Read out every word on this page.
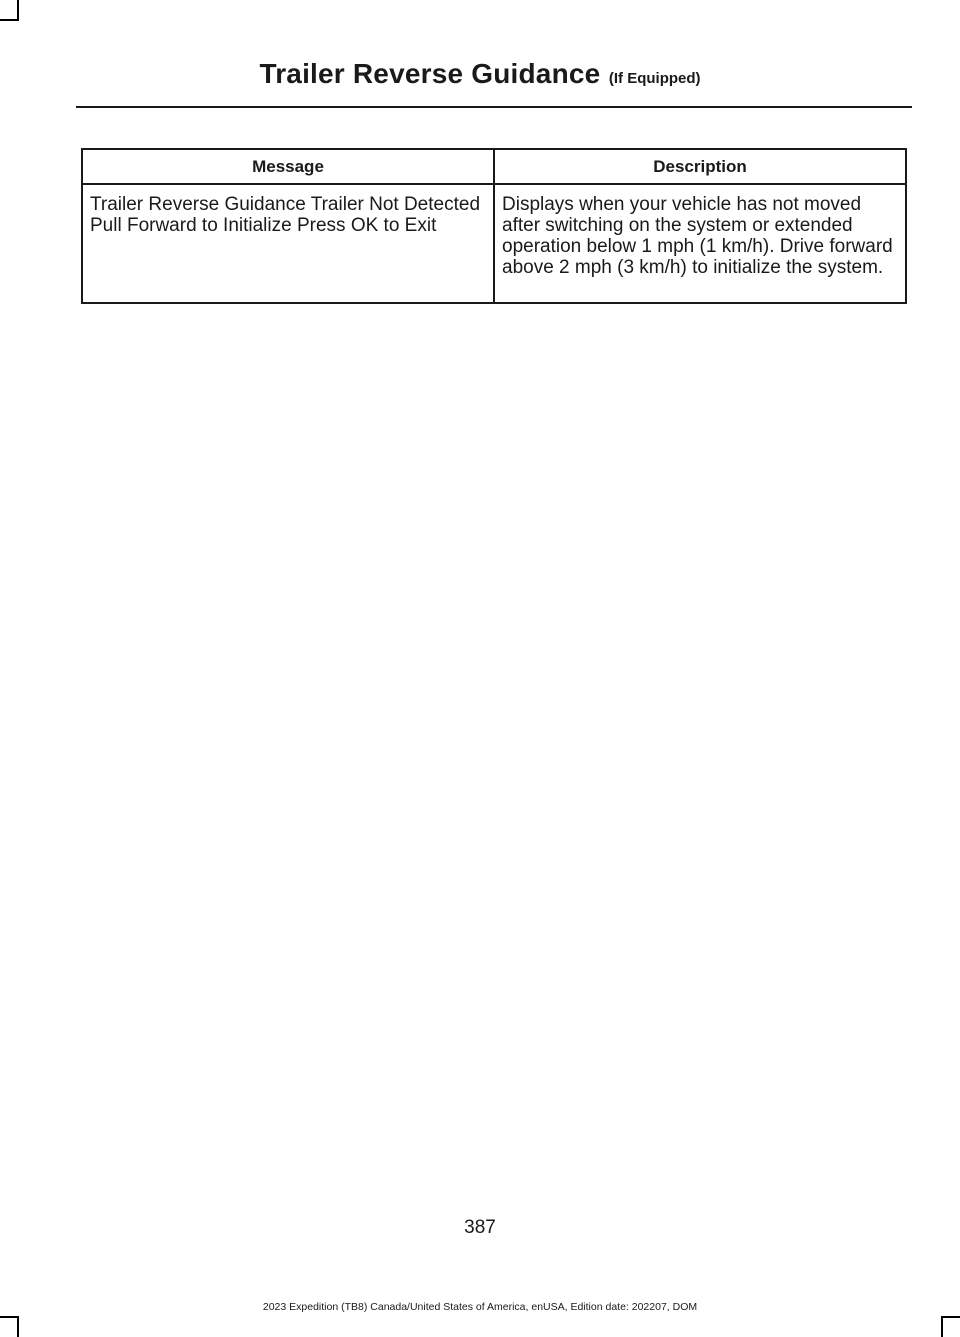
Trailer Reverse Guidance (If Equipped)
Message	Description
Trailer Reverse Guidance Trailer Not Detected Pull Forward to Initialize Press OK to Exit	Displays when your vehicle has not moved after switching on the system or extended operation below 1 mph (1 km/h). Drive forward above 2 mph (3 km/h) to initialize the system.
387
2023 Expedition (TB8) Canada/United States of America, enUSA, Edition date: 202207, DOM
